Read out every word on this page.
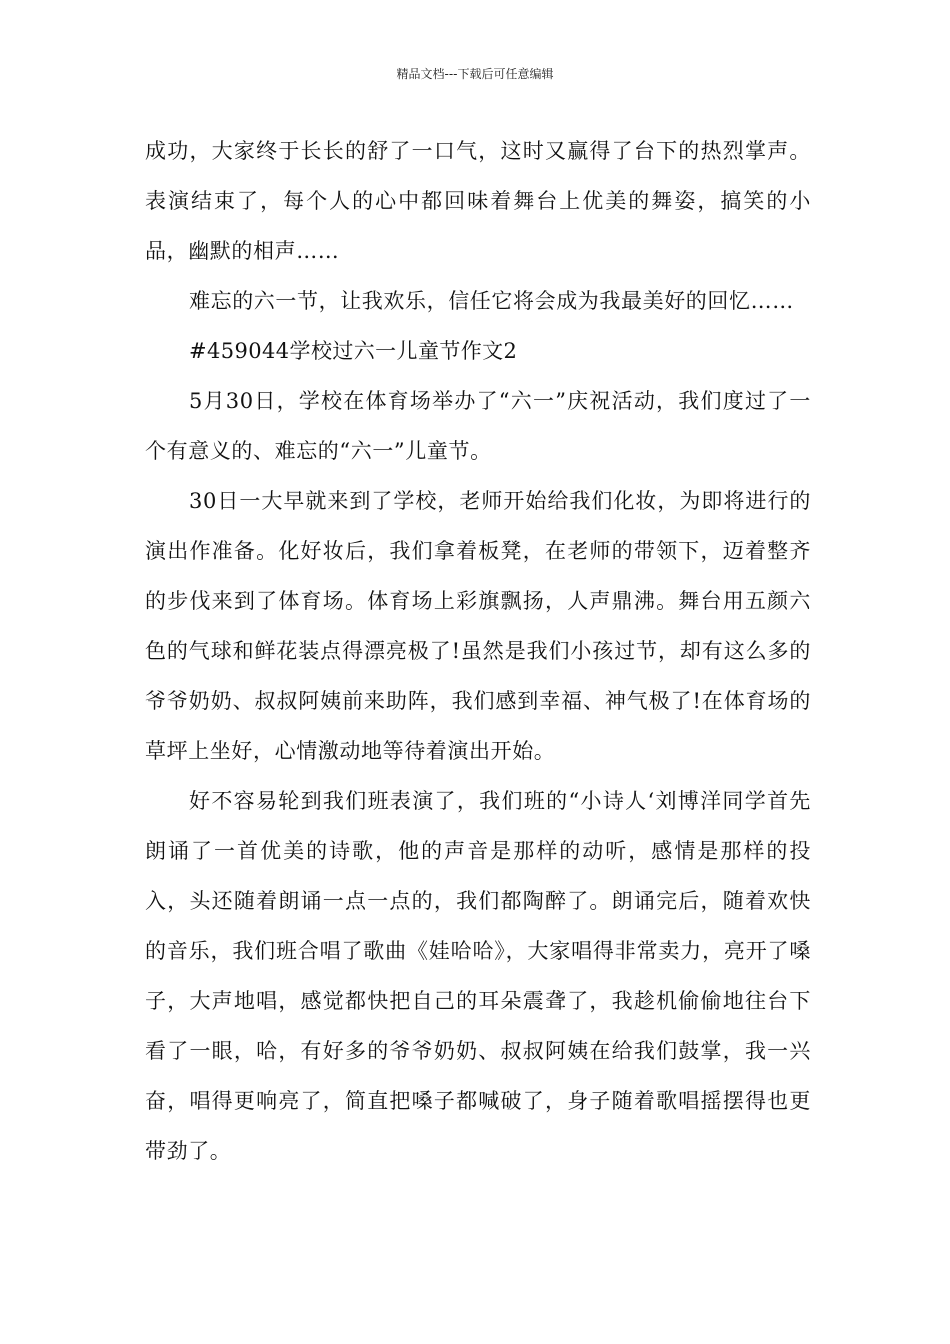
精品文档---下载后可任意编辑

成功，大家终于长长的舒了一口气，这时又赢得了台下的热烈掌声。表演结束了，每个人的心中都回味着舞台上优美的舞姿，搞笑的小品，幽默的相声……

难忘的六一节，让我欢乐，信任它将会成为我最美好的回忆……

#459044学校过六一儿童节作文2

5月30日，学校在体育场举办了“六一”庆祝活动，我们度过了一个有意义的、难忘的“六一”儿童节。

30日一大早就来到了学校，老师开始给我们化妆，为即将进行的演出作准备。化好妆后，我们拿着板凳，在老师的带领下，迈着整齐的步伐来到了体育场。体育场上彩旗飘扬，人声鼎沸。舞台用五颜六色的气球和鲜花装点得漂亮极了!虽然是我们小孩过节，却有这么多的爷爷奶奶、叔叔阿姨前来助阵，我们感到幸福、神气极了!在体育场的草坪上坐好，心情激动地等待着演出开始。

好不容易轮到我们班表演了，我们班的“小诗人‘刘博洋同学首先朗诵了一首优美的诗歌，他的声音是那样的动听，感情是那样的投入，头还随着朗诵一点一点的，我们都陶醉了。朗诵完后，随着欢快的音乐，我们班合唱了歌曲《娃哈哈》，大家唱得非常卖力，亮开了嗓子，大声地唱，感觉都快把自己的耳朵震聋了，我趁机偷偷地往台下看了一眼，哈，有好多的爷爷奶奶、叔叔阿姨在给我们鼓掌，我一兴奋，唱得更响亮了，简直把嗓子都喊破了，身子随着歌唱摇摆得也更带劲了。
